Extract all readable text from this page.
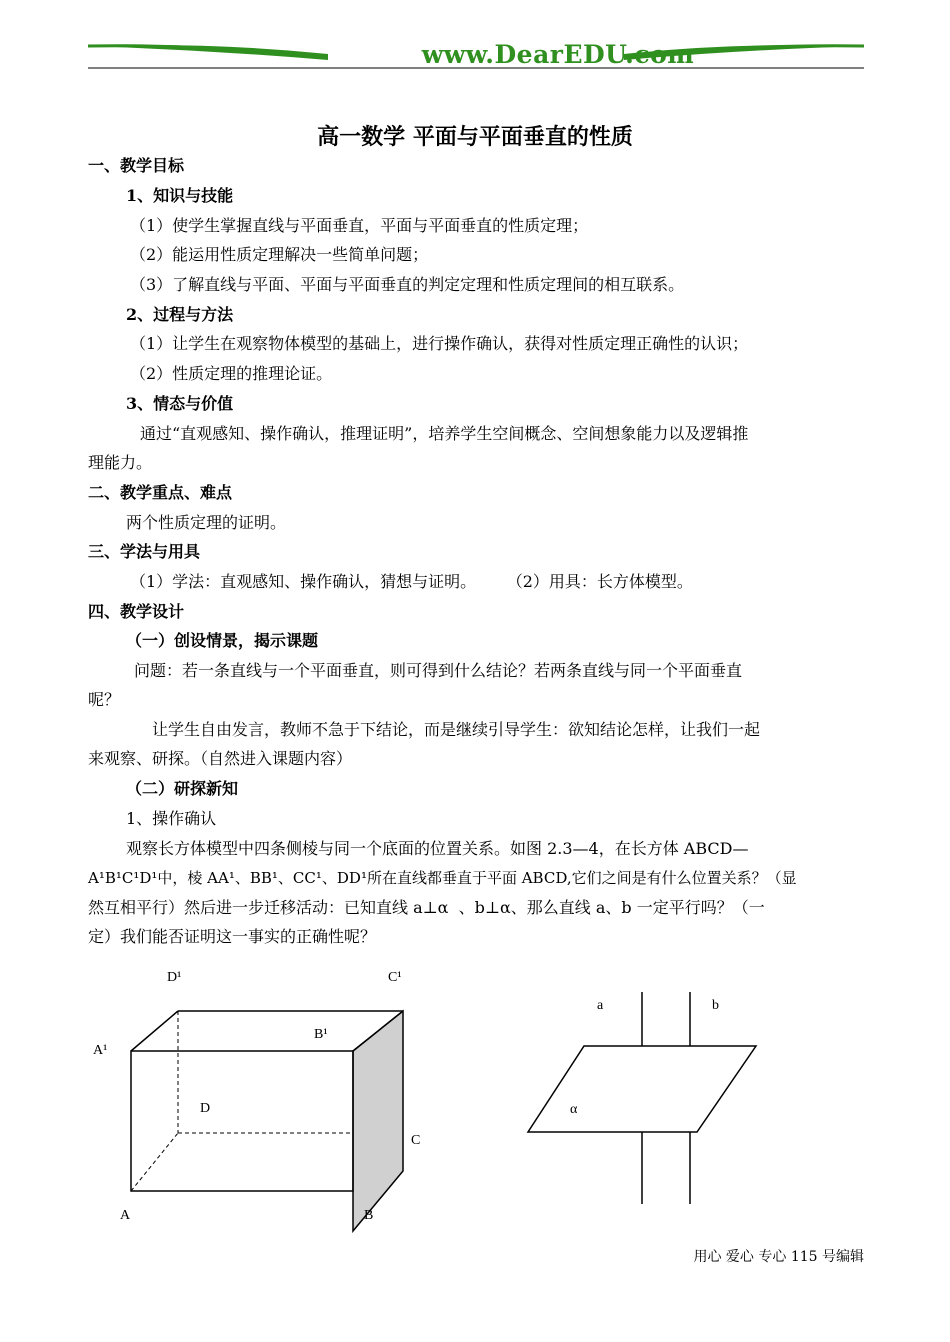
www.DearEDU.com
高一数学 平面与平面垂直的性质
一、教学目标
1、知识与技能
（1）使学生掌握直线与平面垂直，平面与平面垂直的性质定理；
（2）能运用性质定理解决一些简单问题；
（3）了解直线与平面、平面与平面垂直的判定定理和性质定理间的相互联系。
2、过程与方法
（1）让学生在观察物体模型的基础上，进行操作确认，获得对性质定理正确性的认识；
（2）性质定理的推理论证。
3、情态与价值
通过“直观感知、操作确认，推理证明”，培养学生空间概念、空间想象能力以及逻辑推
理能力。
二、教学重点、难点
两个性质定理的证明。
三、学法与用具
（1）学法：直观感知、操作确认，猜想与证明。      （2）用具：长方体模型。
四、教学设计
（一）创设情景，揭示课题
问题：若一条直线与一个平面垂直，则可得到什么结论？若两条直线与同一个平面垂直
呢？
让学生自由发言，教师不急于下结论，而是继续引导学生：欲知结论怎样，让我们一起
来观察、研探。（自然进入课题内容）
（二）研探新知
1、操作确认
观察长方体模型中四条侧棱与同一个底面的位置关系。如图 2.3—4，在长方体 ABCD—
A¹B¹C¹D¹中，棱 AA¹、BB¹、CC¹、DD¹所在直线都垂直于平面 ABCD,它们之间是有什么位置关系？（显
然互相平行）然后进一步迁移活动：已知直线 a⊥α  、b⊥α、那么直线 a、b 一定平行吗？（一
定）我们能否证明这一事实的正确性呢？
D¹	C¹
B¹
A¹
D
C
A	B
a	b
α
用心 爱心 专心 115 号编辑
